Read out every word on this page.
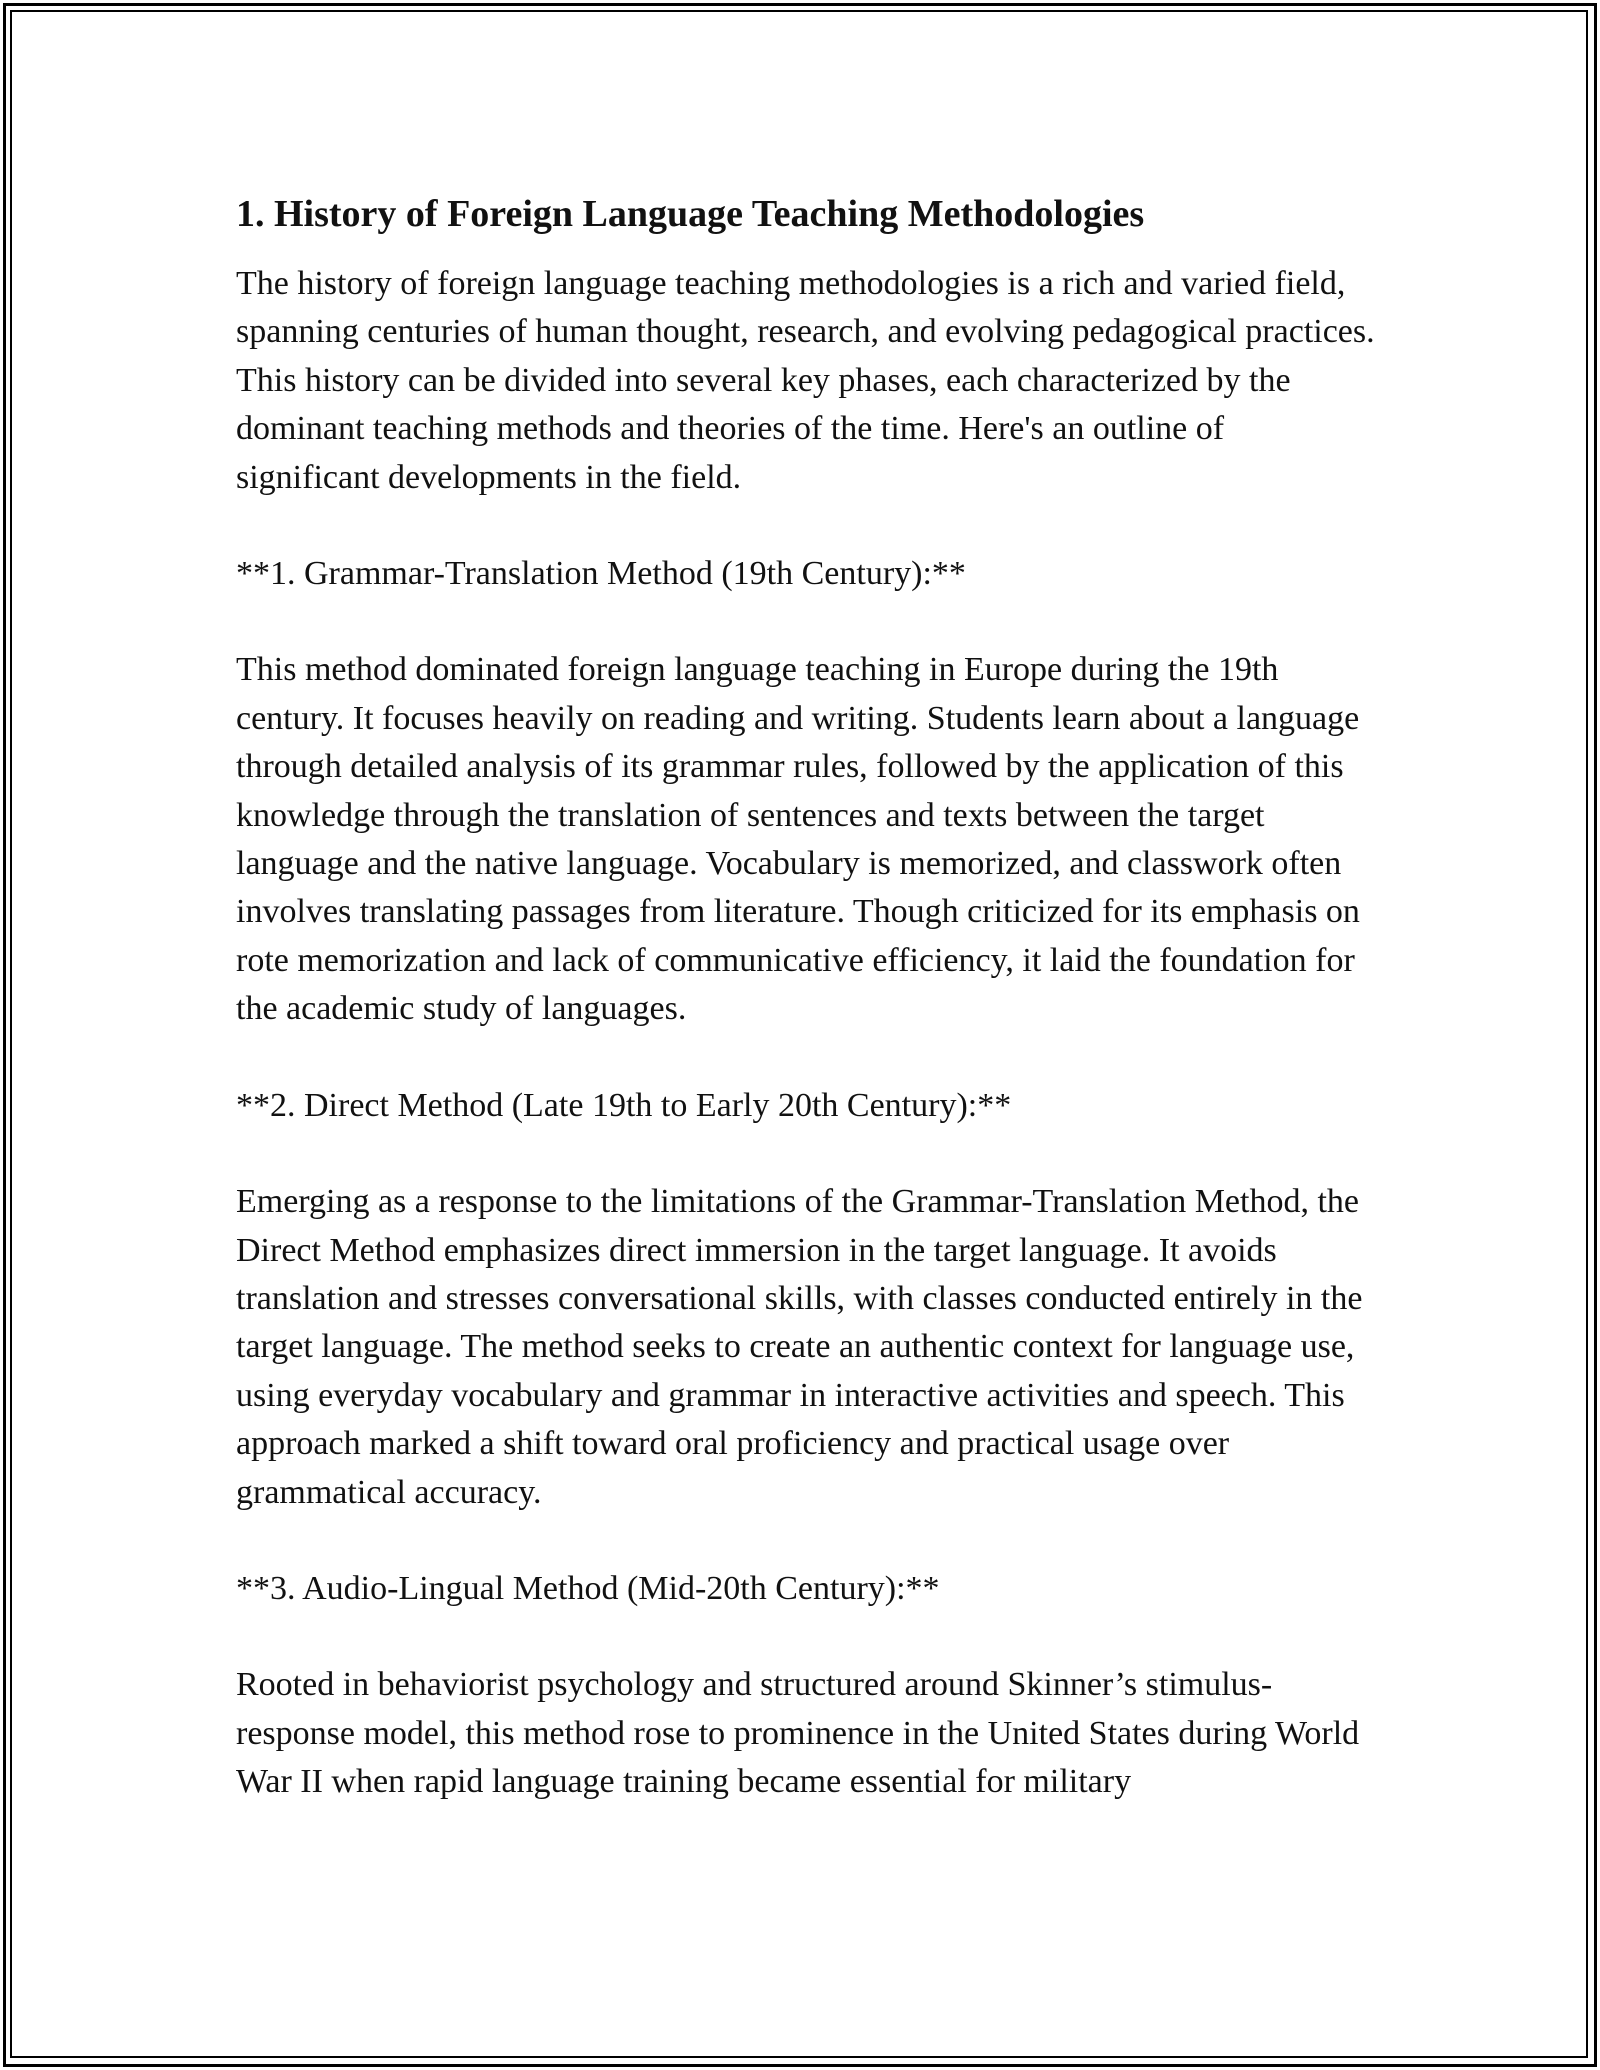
1. History of Foreign Language Teaching Methodologies

The history of foreign language teaching methodologies is a rich and varied field, spanning centuries of human thought, research, and evolving pedagogical practices. This history can be divided into several key phases, each characterized by the dominant teaching methods and theories of the time. Here's an outline of significant developments in the field.

**1. Grammar-Translation Method (19th Century):**

This method dominated foreign language teaching in Europe during the 19th century. It focuses heavily on reading and writing. Students learn about a language through detailed analysis of its grammar rules, followed by the application of this knowledge through the translation of sentences and texts between the target language and the native language. Vocabulary is memorized, and classwork often involves translating passages from literature. Though criticized for its emphasis on rote memorization and lack of communicative efficiency, it laid the foundation for the academic study of languages.

**2. Direct Method (Late 19th to Early 20th Century):**

Emerging as a response to the limitations of the Grammar-Translation Method, the Direct Method emphasizes direct immersion in the target language. It avoids translation and stresses conversational skills, with classes conducted entirely in the target language. The method seeks to create an authentic context for language use, using everyday vocabulary and grammar in interactive activities and speech. This approach marked a shift toward oral proficiency and practical usage over grammatical accuracy.

**3. Audio-Lingual Method (Mid-20th Century):**

Rooted in behaviorist psychology and structured around Skinner’s stimulus-response model, this method rose to prominence in the United States during World War II when rapid language training became essential for military
